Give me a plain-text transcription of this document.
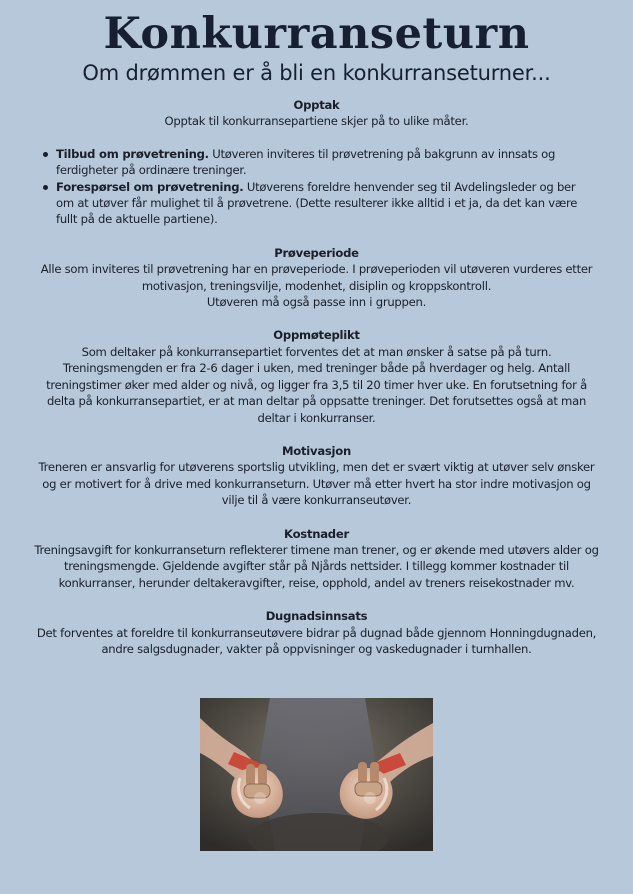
Konkurranseturn
Om drømmen er å bli en konkurranseturner...
Opptak

Opptak til konkurransepartiene skjer på to ulike måter.

Tilbud om prøvetrening. Utøveren inviteres til prøvetrening på bakgrunn av innsats og ferdigheter på ordinære treninger.
Forespørsel om prøvetrening. Utøverens foreldre henvender seg til Avdelingsleder og ber om at utøver får mulighet til å prøvetrene. (Dette resulterer ikke alltid i et ja, da det kan være fullt på de aktuelle partiene).
Prøveperiode

Alle som inviteres til prøvetrening har en prøveperiode. I prøveperioden vil utøveren vurderes etter motivasjon, treningsvilje, modenhet, disiplin og kroppskontroll.

Utøveren må også passe inn i gruppen.

Oppmøteplikt

Som deltaker på konkurransepartiet forventes det at man ønsker å satse på på turn. Treningsmengden er fra 2-6 dager i uken, med treninger både på hverdager og helg. Antall treningstimer øker med alder og nivå, og ligger fra 3,5 til 20 timer hver uke. En forutsetning for å delta på konkurransepartiet, er at man deltar på oppsatte treninger. Det forutsettes også at man deltar i konkurranser.

Motivasjon

Treneren er ansvarlig for utøverens sportslig utvikling, men det er svært viktig at utøver selv ønsker og er motivert for å drive med konkurranseturn. Utøver må etter hvert ha stor indre motivasjon og vilje til å være konkurranseutøver.

Kostnader

Treningsavgift for konkurranseturn reflekterer timene man trener, og er økende med utøvers alder og treningsmengde. Gjeldende avgifter står på Njårds nettsider. I tillegg kommer kostnader til konkurranser, herunder deltakeravgifter, reise, opphold, andel av treners reisekostnader mv.

Dugnadsinnsats

Det forventes at foreldre til konkurranseutøvere bidrar på dugnad både gjennom Honningdugnaden, andre salgsdugnader, vakter på oppvisninger og vaskedugnader i turnhallen.
